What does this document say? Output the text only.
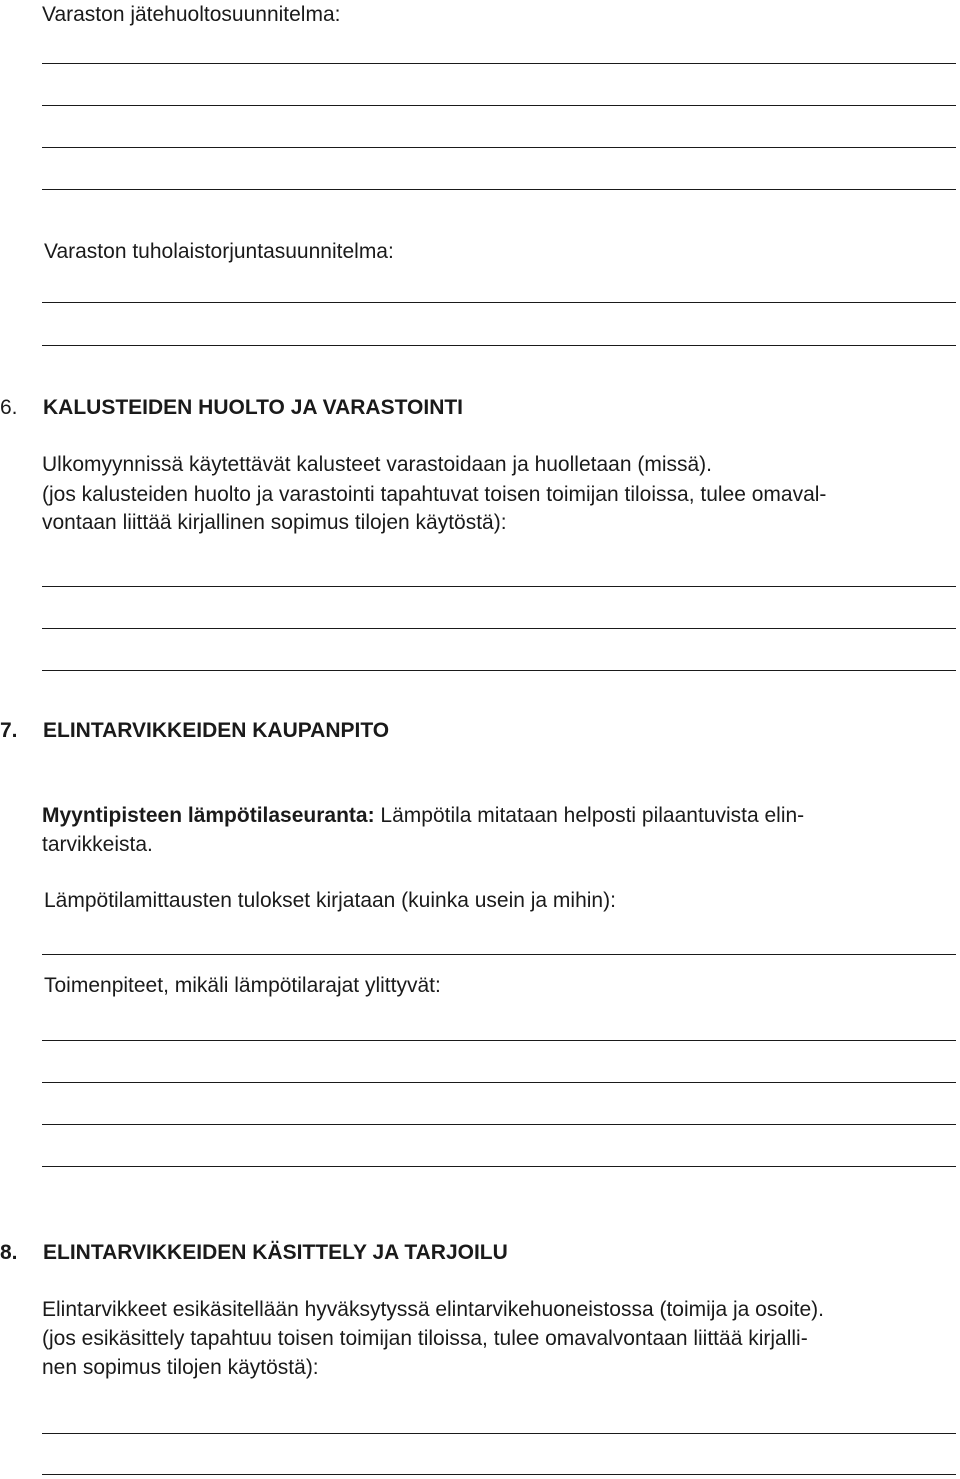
Varaston jätehuoltosuunnitelma:

Varaston tuholaistorjuntasuunnitelma:

6. KALUSTEIDEN HUOLTO JA VARASTOINTI

Ulkomyynnissä käytettävät kalusteet varastoidaan ja huolletaan (missä).

(jos kalusteiden huolto ja varastointi tapahtuvat toisen toimijan tiloissa, tulee omaval-

vontaan liittää kirjallinen sopimus tilojen käytöstä):

7. ELINTARVIKKEIDEN KAUPANPITO

Myyntipisteen lämpötilaseuranta: Lämpötila mitataan helposti pilaantuvista elin-

tarvikkeista.

Lämpötilamittausten tulokset kirjataan (kuinka usein ja mihin):

Toimenpiteet, mikäli lämpötilarajat ylittyvät:

8. ELINTARVIKKEIDEN KÄSITTELY JA TARJOILU

Elintarvikkeet esikäsitellään hyväksytyssä elintarvikehuoneistossa (toimija ja osoite).

(jos esikäsittely tapahtuu toisen toimijan tiloissa, tulee omavalvontaan liittää kirjalli-

nen sopimus tilojen käytöstä):
